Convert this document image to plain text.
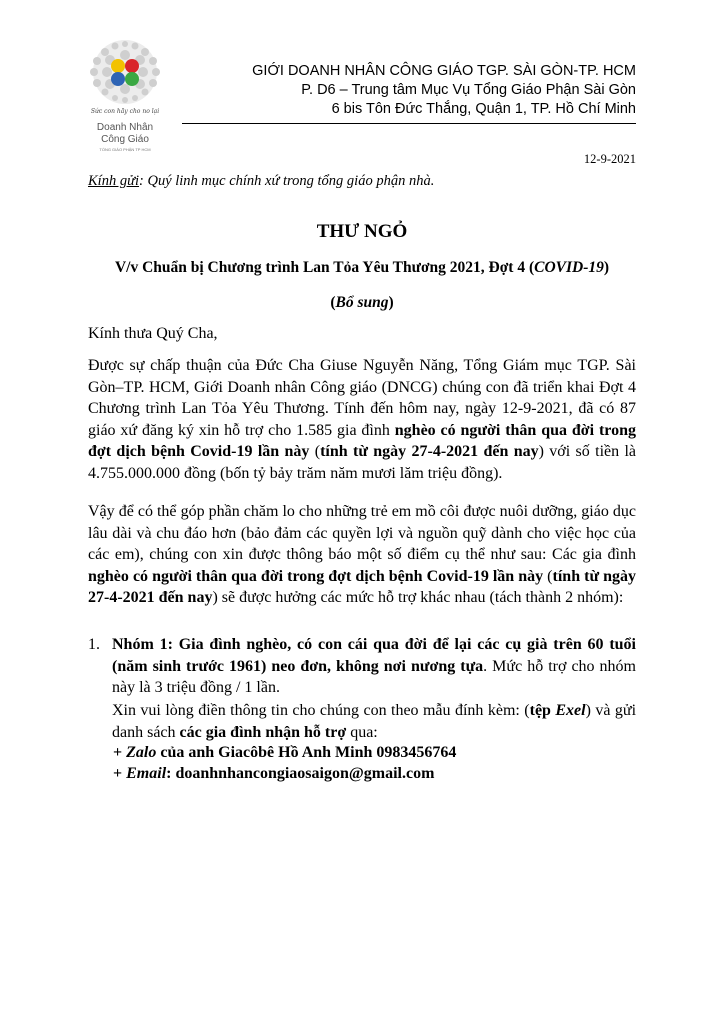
Sức con hãy cho no lại
Doanh Nhân
Công Giáo
TỔNG GIÁO PHẬN TP HCM
GIỚI DOANH NHÂN CÔNG GIÁO TGP. SÀI GÒN-TP. HCM
P. D6 – Trung tâm Mục Vụ Tổng Giáo Phận Sài Gòn
6 bis Tôn Đức Thắng, Quận 1, TP. Hồ Chí Minh
12-9-2021
Kính gửi: Quý linh mục chính xứ trong tổng giáo phận nhà.
THƯ NGỎ
V/v Chuẩn bị Chương trình Lan Tỏa Yêu Thương 2021, Đợt 4 (COVID-19)
(Bổ sung)
Kính thưa Quý Cha,
Được sự chấp thuận của Đức Cha Giuse Nguyễn Năng, Tổng Giám mục TGP. Sài Gòn–TP. HCM, Giới Doanh nhân Công giáo (DNCG) chúng con đã triển khai Đợt 4 Chương trình Lan Tỏa Yêu Thương. Tính đến hôm nay, ngày 12-9-2021, đã có 87 giáo xứ đăng ký xin hỗ trợ cho 1.585 gia đình nghèo có người thân qua đời trong đợt dịch bệnh Covid-19 lần này (tính từ ngày 27-4-2021 đến nay) với số tiền là 4.755.000.000 đồng (bốn tỷ bảy trăm năm mươi lăm triệu đồng).
Vậy để có thể góp phần chăm lo cho những trẻ em mồ côi được nuôi dưỡng, giáo dục lâu dài và chu đáo hơn (bảo đảm các quyền lợi và nguồn quỹ dành cho việc học của các em), chúng con xin được thông báo một số điểm cụ thể như sau: Các gia đình nghèo có người thân qua đời trong đợt dịch bệnh Covid-19 lần này (tính từ ngày 27-4-2021 đến nay) sẽ được hưởng các mức hỗ trợ khác nhau (tách thành 2 nhóm):
1. Nhóm 1: Gia đình nghèo, có con cái qua đời để lại các cụ già trên 60 tuổi (năm sinh trước 1961) neo đơn, không nơi nương tựa. Mức hỗ trợ cho nhóm này là 3 triệu đồng / 1 lần.
Xin vui lòng điền thông tin cho chúng con theo mẫu đính kèm: (tệp Exel) và gửi danh sách các gia đình nhận hỗ trợ qua:
+ Zalo của anh Giacôbê Hồ Anh Minh 0983456764
+ Email: doanhnhancongiaosaigon@gmail.com
